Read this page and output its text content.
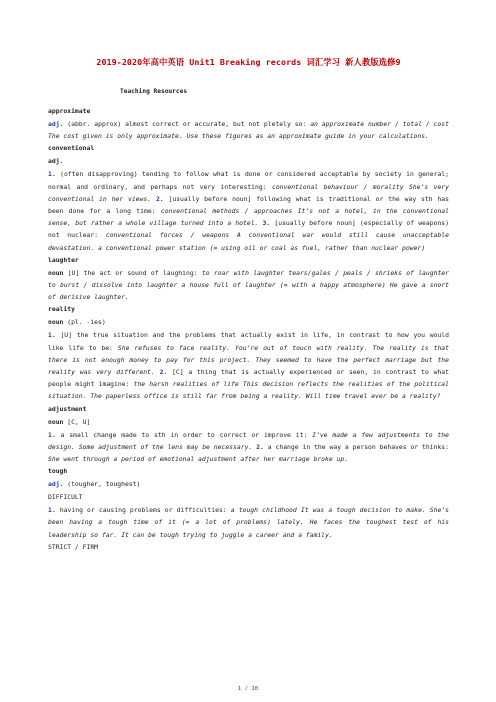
2019-2020年高中英语 Unit1 Breaking records 词汇学习 新人教版选修9
Teaching Resources
approximate
adj. (abbr. approx) almost correct or accurate, but not pletely so: an approximate number / total / cost The cost given is only approximate. Use these figures as an approximate guide in your calculations.
conventional
adj.
1. (often disapproving) tending to follow what is done or considered acceptable by society in general; normal and ordinary, and perhaps not very interesting: conventional behaviour / morality She’s very conventional in her views. 2. [usually before noun] following what is traditional or the way sth has been done for a long time: conventional methods / approaches It’s not a hotel, in the conventional sense, but rather a whole village turned into a hotel. 3. [usually before noun] (especially of weapons) not nuclear: conventional forces / weapons A conventional war would still cause unacceptable devastation. a conventional power station (= using oil or coal as fuel, rather than nuclear power)
laughter
noun [U] the act or sound of laughing: to roar with laughter tears/gales / peals / shrieks of laughter to burst / dissolve into laughter a house full of laughter (= with a happy atmosphere) He gave a snort of derisive laughter.
reality
noun (pl. -ies)
1. [U] the true situation and the problems that actually exist in life, in contrast to how you would like life to be: She refuses to face reality. You’re out of touch with reality. The reality is that there is not enough money to pay for this project. They seemed to have the perfect marriage but the reality was very different. 2. [C] a thing that is actually experienced or seen, in contrast to what people might imagine: the harsh realities of life This decision reflects the realities of the political situation. The paperless office is still far from being a reality. Will time travel ever be a reality?
adjustment
noun [C, U]
1. a small change made to sth in order to correct or improve it: I’ve made a few adjustments to the design. Some adjustment of the lens may be necessary. 2. a change in the way a person behaves or thinks: She went through a period of emotional adjustment after her marriage broke up.
tough
adj. (tougher, toughest)
DIFFICULT
1. having or causing problems or difficulties: a tough childhood It was a tough decision to make. She’s been having a tough time of it (= a lot of problems) lately. He faces the toughest test of his leadership so far. It can be tough trying to juggle a career and a family.
STRICT / FIRM
1 / 10
